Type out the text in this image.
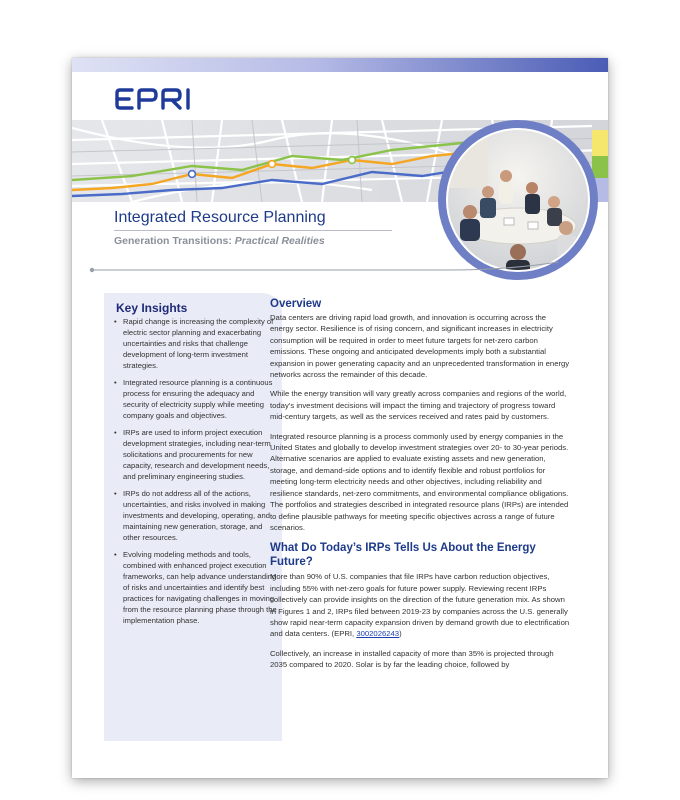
Integrated Resource Planning
Generation Transitions: Practical Realities
Key Insights
• Rapid change is increasing the complexity of electric sector planning and exacerbating uncertainties and risks that challenge development of long-term investment strategies.
• Integrated resource planning is a continuous process for ensuring the adequacy and security of electricity supply while meeting company goals and objectives.
• IRPs are used to inform project execution development strategies, including near-term solicitations and procurements for new capacity, research and development needs, and preliminary engineering studies.
• IRPs do not address all of the actions, uncertainties, and risks involved in making investments and developing, operating, and maintaining new generation, storage, and other resources.
• Evolving modeling methods and tools, combined with enhanced project execution frameworks, can help advance understanding of risks and uncertainties and identify best practices for navigating challenges in moving from the resource planning phase through the implementation phase.
Overview

Data centers are driving rapid load growth, and innovation is occurring across the energy sector. Resilience is of rising concern, and significant increases in electricity consumption will be required in order to meet future targets for net-zero carbon emissions. These ongoing and anticipated developments imply both a substantial expansion in power generating capacity and an unprecedented transformation in energy networks across the remainder of this decade.

While the energy transition will vary greatly across companies and regions of the world, today’s investment decisions will impact the timing and trajectory of progress toward mid-century targets, as well as the services received and rates paid by customers.

Integrated resource planning is a process commonly used by energy companies in the United States and globally to develop investment strategies over 20- to 30-year periods. Alternative scenarios are applied to evaluate existing assets and new generation, storage, and demand-side options and to identify flexible and robust portfolios for meeting long-term electricity needs and other objectives, including reliability and resilience standards, net-zero commitments, and environmental compliance obligations. The portfolios and strategies described in integrated resource plans (IRPs) are intended to define plausible pathways for meeting specific objectives across a range of future scenarios.

What Do Today’s IRPs Tells Us About the Energy Future?

More than 90% of U.S. companies that file IRPs have carbon reduction objectives, including 55% with net-zero goals for future power supply. Reviewing recent IRPs collectively can provide insights on the direction of the future generation mix. As shown in Figures 1 and 2, IRPs filed between 2019-23 by companies across the U.S. generally show rapid near-term capacity expansion driven by demand growth due to electrification and data centers. (EPRI, 3002026243)

Collectively, an increase in installed capacity of more than 35% is projected through 2035 compared to 2020. Solar is by far the leading choice, followed by
